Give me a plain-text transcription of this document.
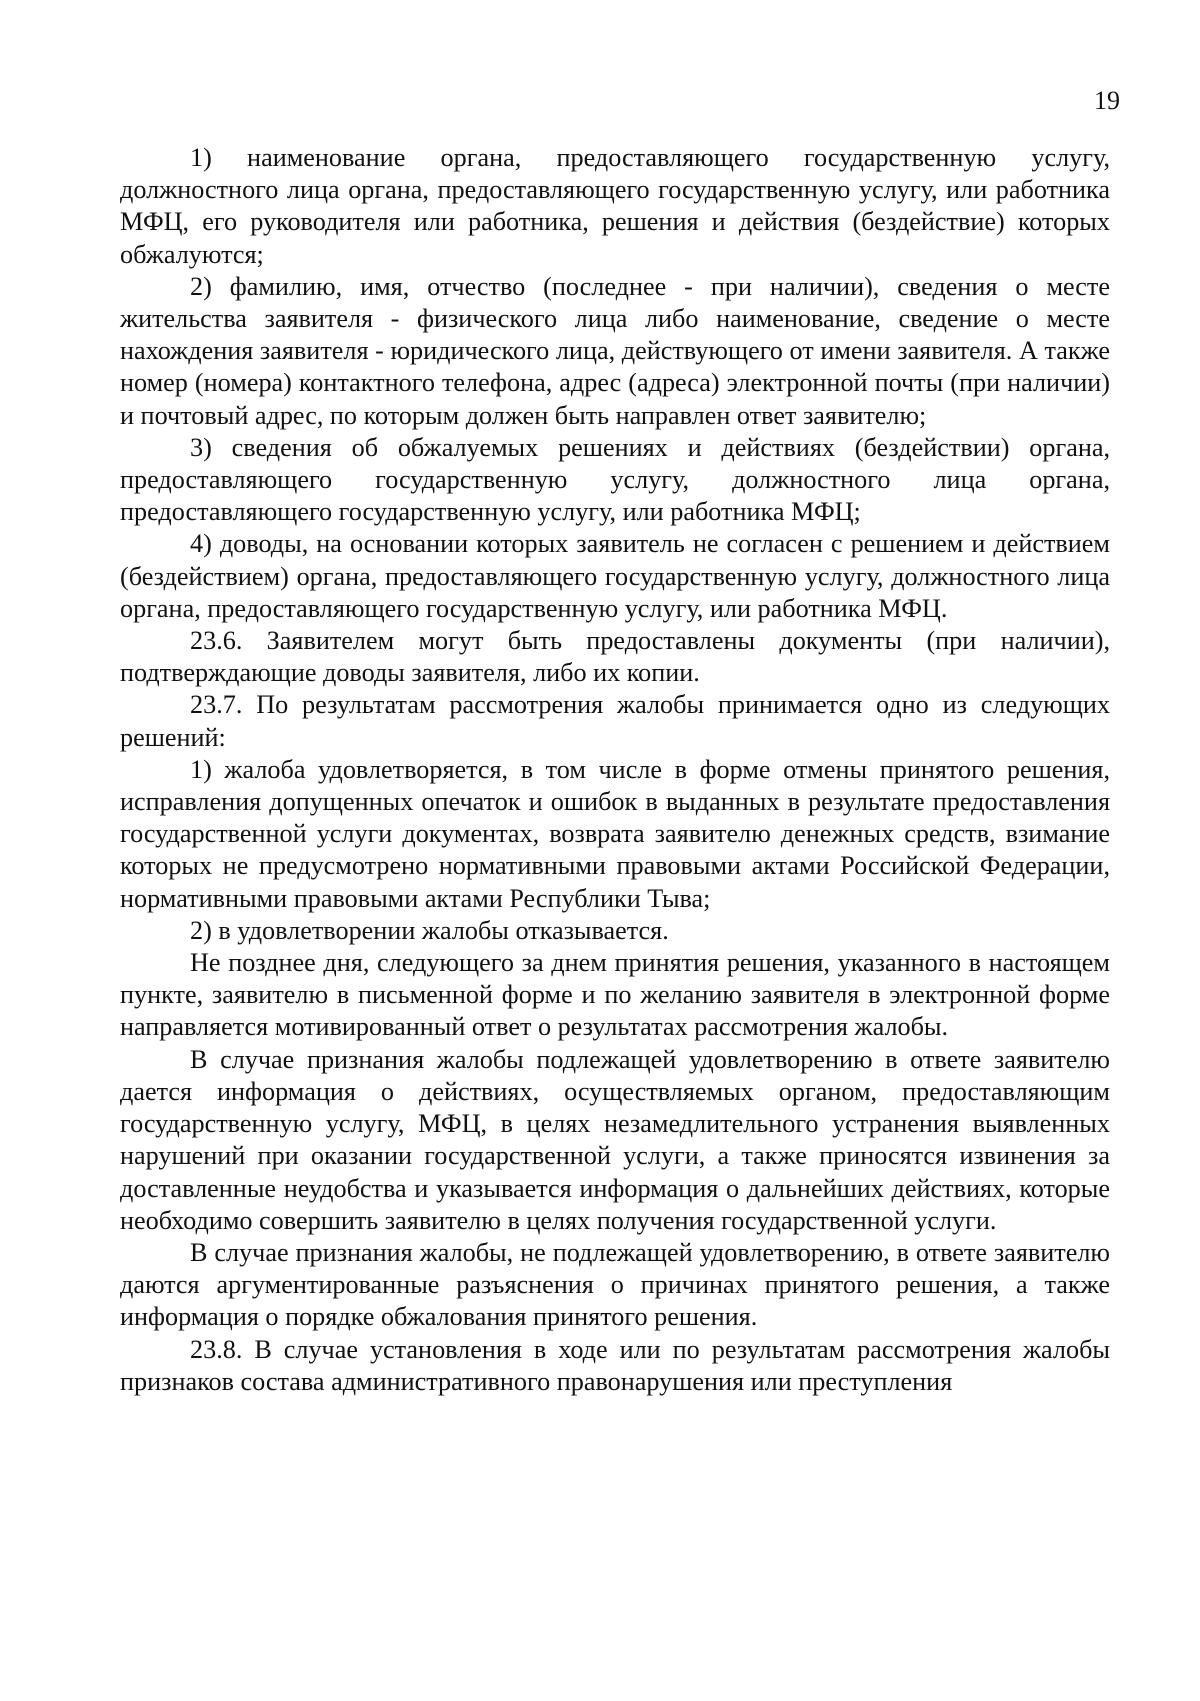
19

1) наименование органа, предоставляющего государственную услугу, должностного лица органа, предоставляющего государственную услугу, или работника МФЦ, его руководителя или работника, решения и действия (бездействие) которых обжалуются;

2) фамилию, имя, отчество (последнее - при наличии), сведения о месте жительства заявителя - физического лица либо наименование, сведение о месте нахождения заявителя - юридического лица, действующего от имени заявителя. А также номер (номера) контактного телефона, адрес (адреса) электронной почты (при наличии) и почтовый адрес, по которым должен быть направлен ответ заявителю;

3) сведения об обжалуемых решениях и действиях (бездействии) органа, предоставляющего государственную услугу, должностного лица органа, предоставляющего государственную услугу, или работника МФЦ;

4) доводы, на основании которых заявитель не согласен с решением и действием (бездействием) органа, предоставляющего государственную услугу, должностного лица органа, предоставляющего государственную услугу, или работника МФЦ.

23.6. Заявителем могут быть предоставлены документы (при наличии), подтверждающие доводы заявителя, либо их копии.

23.7. По результатам рассмотрения жалобы принимается одно из следующих решений:

1) жалоба удовлетворяется, в том числе в форме отмены принятого решения, исправления допущенных опечаток и ошибок в выданных в результате предоставления государственной услуги документах, возврата заявителю денежных средств, взимание которых не предусмотрено нормативными правовыми актами Российской Федерации, нормативными правовыми актами Республики Тыва;

2) в удовлетворении жалобы отказывается.

Не позднее дня, следующего за днем принятия решения, указанного в настоящем пункте, заявителю в письменной форме и по желанию заявителя в электронной форме направляется мотивированный ответ о результатах рассмотрения жалобы.

В случае признания жалобы подлежащей удовлетворению в ответе заявителю дается информация о действиях, осуществляемых органом, предоставляющим государственную услугу, МФЦ, в целях незамедлительного устранения выявленных нарушений при оказании государственной услуги, а также приносятся извинения за доставленные неудобства и указывается информация о дальнейших действиях, которые необходимо совершить заявителю в целях получения государственной услуги.

В случае признания жалобы, не подлежащей удовлетворению, в ответе заявителю даются аргументированные разъяснения о причинах принятого решения, а также информация о порядке обжалования принятого решения.

23.8. В случае установления в ходе или по результатам рассмотрения жалобы признаков состава административного правонарушения или преступления
